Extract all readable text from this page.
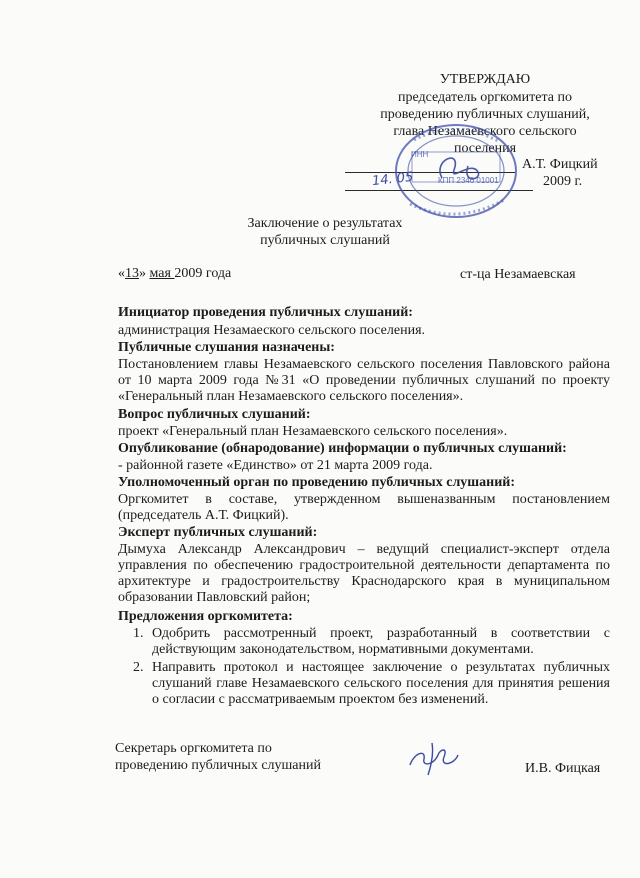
УТВЕРЖДАЮ
председатель оргкомитета по
проведению публичных слушаний,
глава Незамаевского сельского
поселения
А.Т. Фицкий
14. 05	2009 г.
ИНН
КПП 2346 01001
Заключение о результатах
публичных слушаний
«13» мая 2009 года	ст-ца Незамаевская
Инициатор проведения публичных слушаний:
администрация Незамаеского сельского поселения.
Публичные слушания назначены:
Постановлением главы Незамаевского сельского поселения Павловского района от 10 марта 2009 года №31 «О проведении публичных слушаний по проекту «Генеральный план Незамаевского сельского поселения».
Вопрос публичных слушаний:
проект «Генеральный план Незамаевского сельского поселения».
Опубликование (обнародование) информации о публичных слушаний:
- районной газете «Единство» от 21 марта 2009 года.
Уполномоченный орган по проведению публичных слушаний:
Оргкомитет в составе, утвержденном вышеназванным постановлением (председатель А.Т. Фицкий).
Эксперт публичных слушаний:
Дымуха Александр Александрович – ведущий специалист-эксперт отдела управления по обеспечению градостроительной деятельности департамента по архитектуре и градостроительству Краснодарского края в муниципальном образовании Павловский район;
Предложения оргкомитета:
1. Одобрить рассмотренный проект, разработанный в соответствии с действующим законодательством, нормативными документами.
2. Направить протокол и настоящее заключение о результатах публичных слушаний главе Незамаевского сельского поселения для принятия решения о согласии с рассматриваемым проектом без изменений.
Секретарь оргкомитета по
проведению публичных слушаний	И.В. Фицкая
